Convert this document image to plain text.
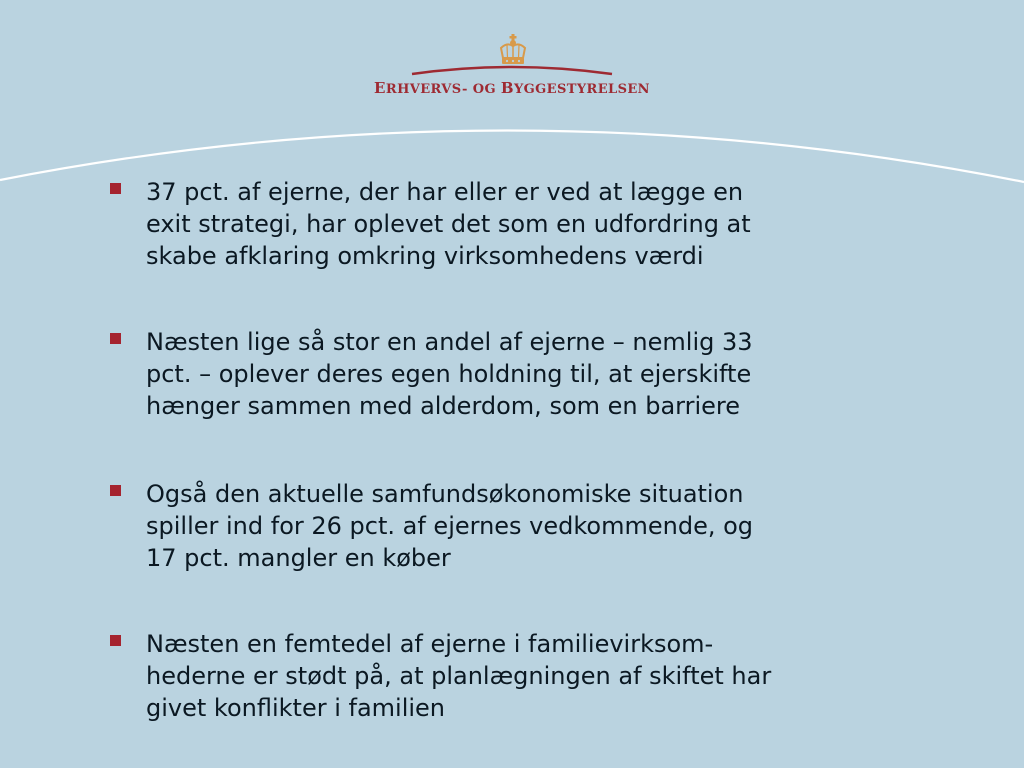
ERHVERVS- OG BYGGESTYRELSEN

37 pct. af ejerne, der har eller er ved at lægge en
exit strategi, har oplevet det som en udfordring at
skabe afklaring omkring virksomhedens værdi

Næsten lige så stor en andel af ejerne – nemlig 33
pct. – oplever deres egen holdning til, at ejerskifte
hænger sammen med alderdom, som en barriere

Også den aktuelle samfundsøkonomiske situation
spiller ind for 26 pct. af ejernes vedkommende, og
17 pct. mangler en køber

Næsten en femtedel af ejerne i familievirksom-
hederne er stødt på, at planlægningen af skiftet har
givet konflikter i familien
